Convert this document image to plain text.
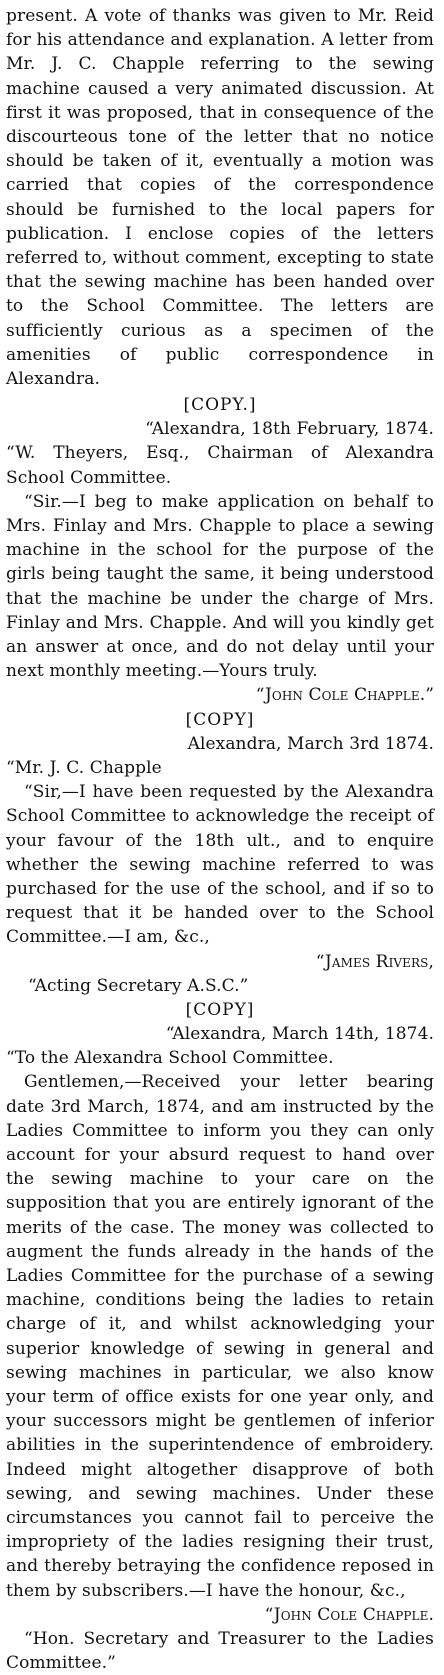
present. A vote of thanks was given to Mr. Reid for his attendance and explanation. A letter from Mr. J. C. Chapple referring to the sewing machine caused a very animated discussion. At first it was proposed, that in consequence of the discourteous tone of the letter that no notice should be taken of it, eventually a motion was carried that copies of the correspondence should be furnished to the local papers for publication. I enclose copies of the letters referred to, without comment, excepting to state that the sewing machine has been handed over to the School Committee. The letters are sufficiently curious as a specimen of the amenities of public correspondence in Alexandra.

[COPY.]

“Alexandra, 18th February, 1874.

“W. Theyers, Esq., Chairman of Alexandra School Committee.

“Sir.—I beg to make application on behalf to Mrs. Finlay and Mrs. Chapple to place a sewing machine in the school for the purpose of the girls being taught the same, it being understood that the machine be under the charge of Mrs. Finlay and Mrs. Chapple. And will you kindly get an answer at once, and do not delay until your next monthly meeting.—Yours truly.

“John Cole Chapple.”

[COPY]

Alexandra, March 3rd 1874.

“Mr. J. C. Chapple

“Sir,—I have been requested by the Alexandra School Committee to acknowledge the receipt of your favour of the 18th ult., and to enquire whether the sewing machine referred to was purchased for the use of the school, and if so to request that it be handed over to the School Committee.—I am, &c.,

“James Rivers,

“Acting Secretary A.S.C.”

[COPY]

“Alexandra, March 14th, 1874.

“To the Alexandra School Committee.

Gentlemen,—Received your letter bearing date 3rd March, 1874, and am instructed by the Ladies Committee to inform you they can only account for your absurd request to hand over the sewing machine to your care on the supposition that you are entirely ignorant of the merits of the case. The money was collected to augment the funds already in the hands of the Ladies Committee for the purchase of a sewing machine, conditions being the ladies to retain charge of it, and whilst acknowledging your superior knowledge of sewing in general and sewing machines in particular, we also know your term of office exists for one year only, and your successors might be gentlemen of inferior abilities in the superintendence of embroidery. Indeed might altogether disapprove of both sewing, and sewing machines. Under these circumstances you cannot fail to perceive the impropriety of the ladies resigning their trust, and thereby betraying the confidence reposed in them by subscribers.—I have the honour, &c.,

“John Cole Chapple.

“Hon. Secretary and Treasurer to the Ladies Committee.”
